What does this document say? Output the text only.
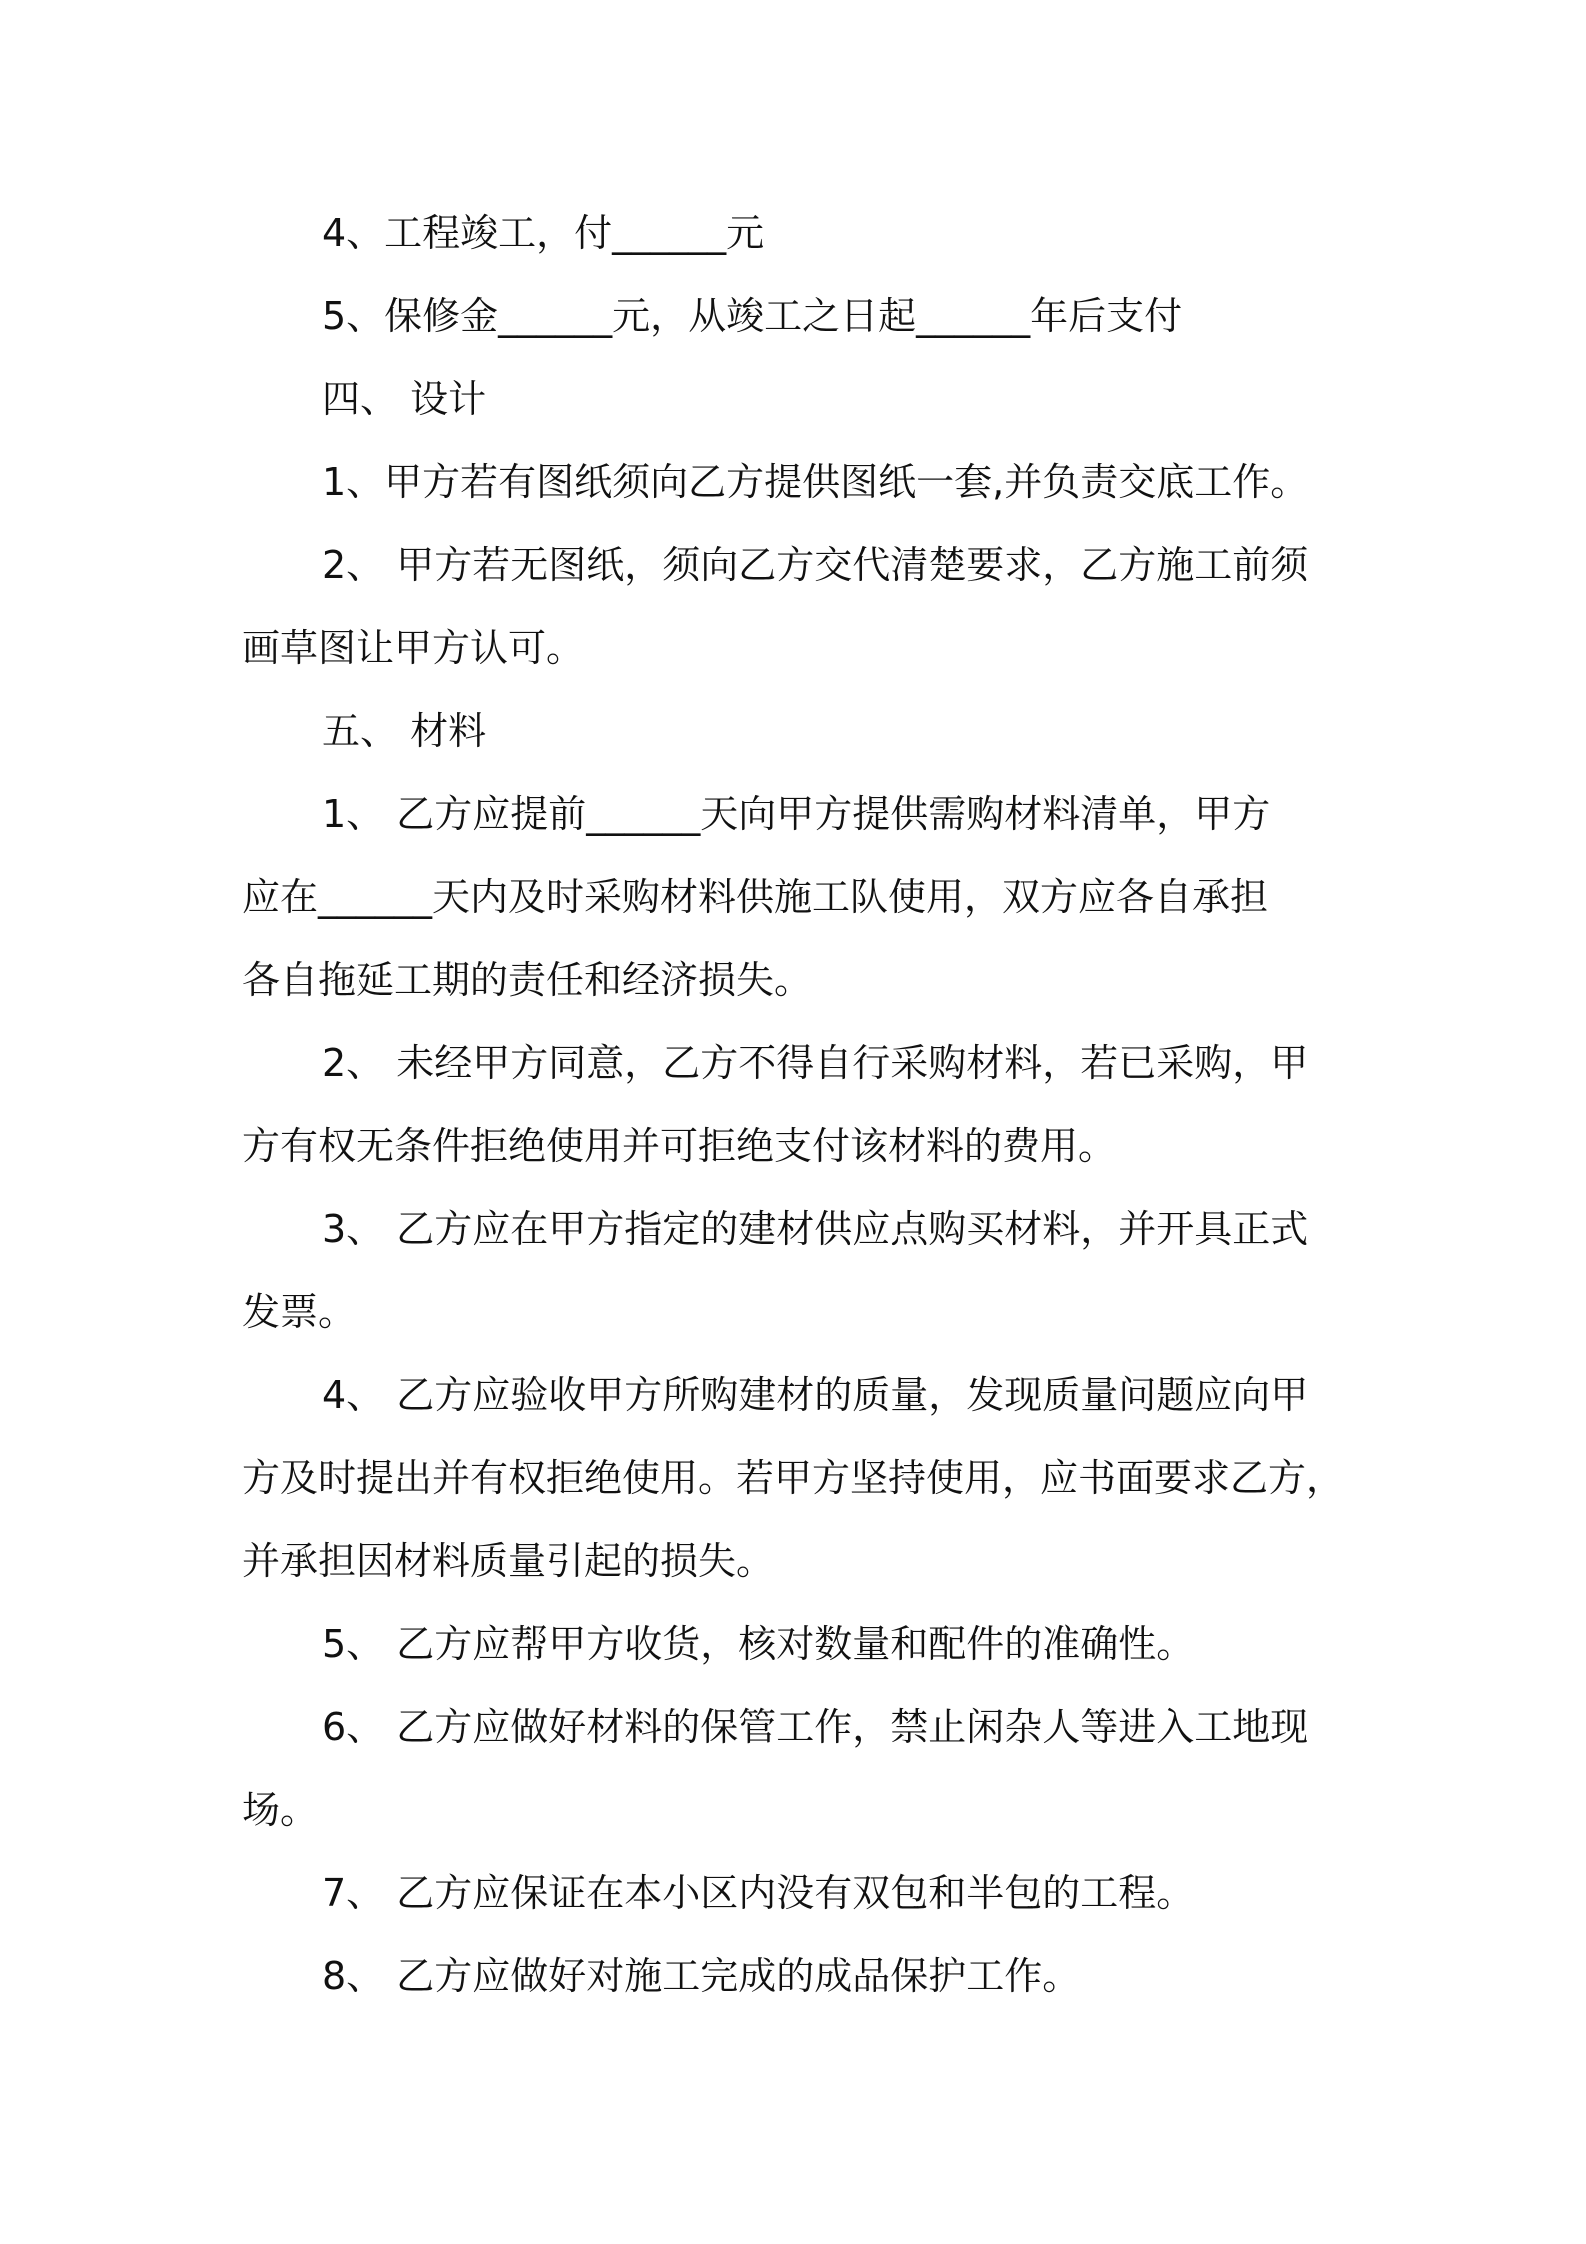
4、工程竣工，付______元

5、保修金______元，从竣工之日起______年后支付

四、 设计

1、甲方若有图纸须向乙方提供图纸一套,并负责交底工作。

2、 甲方若无图纸，须向乙方交代清楚要求，乙方施工前须

画草图让甲方认可。

五、 材料

1、 乙方应提前______天向甲方提供需购材料清单，甲方

应在______天内及时采购材料供施工队使用，双方应各自承担

各自拖延工期的责任和经济损失。

2、 未经甲方同意，乙方不得自行采购材料，若已采购，甲

方有权无条件拒绝使用并可拒绝支付该材料的费用。

3、 乙方应在甲方指定的建材供应点购买材料，并开具正式

发票。

4、 乙方应验收甲方所购建材的质量，发现质量问题应向甲

方及时提出并有权拒绝使用。若甲方坚持使用，应书面要求乙方，

并承担因材料质量引起的损失。

5、 乙方应帮甲方收货，核对数量和配件的准确性。

6、 乙方应做好材料的保管工作，禁止闲杂人等进入工地现

场。

7、 乙方应保证在本小区内没有双包和半包的工程。

8、 乙方应做好对施工完成的成品保护工作。
